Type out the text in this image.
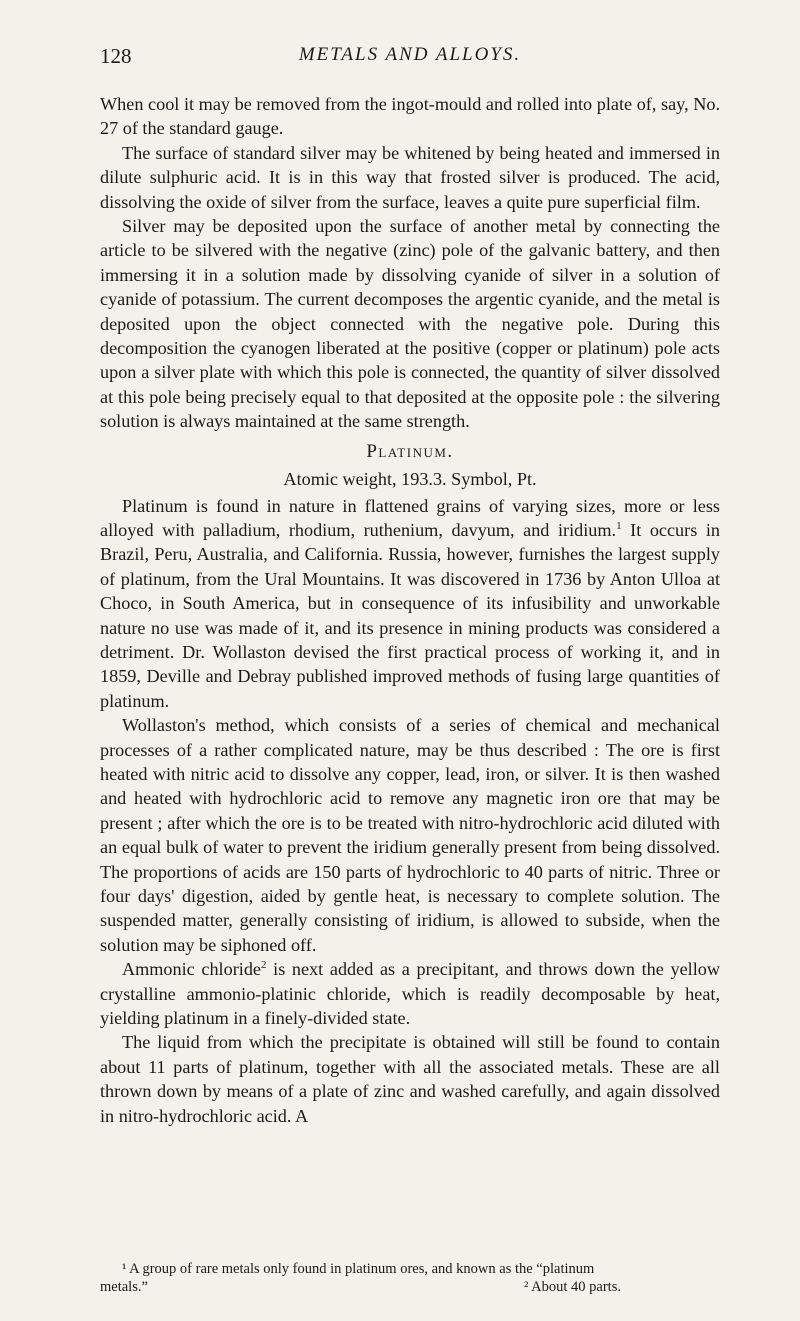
128	METALS AND ALLOYS.

When cool it may be removed from the ingot-mould and rolled into plate of, say, No. 27 of the standard gauge.

The surface of standard silver may be whitened by being heated and immersed in dilute sulphuric acid. It is in this way that frosted silver is produced. The acid, dissolving the oxide of silver from the surface, leaves a quite pure superficial film.

Silver may be deposited upon the surface of another metal by connecting the article to be silvered with the negative (zinc) pole of the galvanic battery, and then immersing it in a solution made by dissolving cyanide of silver in a solution of cyanide of potassium. The current decomposes the argentic cyanide, and the metal is deposited upon the object connected with the negative pole. During this decomposition the cyanogen liberated at the positive (copper or platinum) pole acts upon a silver plate with which this pole is connected, the quantity of silver dissolved at this pole being precisely equal to that deposited at the opposite pole : the silvering solution is always maintained at the same strength.

Platinum.
Atomic weight, 193.3. Symbol, Pt.

Platinum is found in nature in flattened grains of varying sizes, more or less alloyed with palladium, rhodium, ruthenium, davyum, and iridium.$^1$ It occurs in Brazil, Peru, Australia, and California. Russia, however, furnishes the largest supply of platinum, from the Ural Mountains. It was discovered in 1736 by Anton Ulloa at Choco, in South America, but in consequence of its infusibility and unworkable nature no use was made of it, and its presence in mining products was considered a detriment. Dr. Wollaston devised the first practical process of working it, and in 1859, Deville and Debray published improved methods of fusing large quantities of platinum.

Wollaston's method, which consists of a series of chemical and mechanical processes of a rather complicated nature, may be thus described : The ore is first heated with nitric acid to dissolve any copper, lead, iron, or silver. It is then washed and heated with hydrochloric acid to remove any magnetic iron ore that may be present ; after which the ore is to be treated with nitro-hydrochloric acid diluted with an equal bulk of water to prevent the iridium generally present from being dissolved. The proportions of acids are 150 parts of hydrochloric to 40 parts of nitric. Three or four days' digestion, aided by gentle heat, is necessary to complete solution. The suspended matter, generally consisting of iridium, is allowed to subside, when the solution may be siphoned off.

Ammonic chloride$^2$ is next added as a precipitant, and throws down the yellow crystalline ammonio-platinic chloride, which is readily decomposable by heat, yielding platinum in a finely-divided state.

The liquid from which the precipitate is obtained will still be found to contain about 11 parts of platinum, together with all the associated metals. These are all thrown down by means of a plate of zinc and washed carefully, and again dissolved in nitro-hydrochloric acid. A

¹ A group of rare metals only found in platinum ores, and known as the “platinum

metals.”	² About 40 parts.
